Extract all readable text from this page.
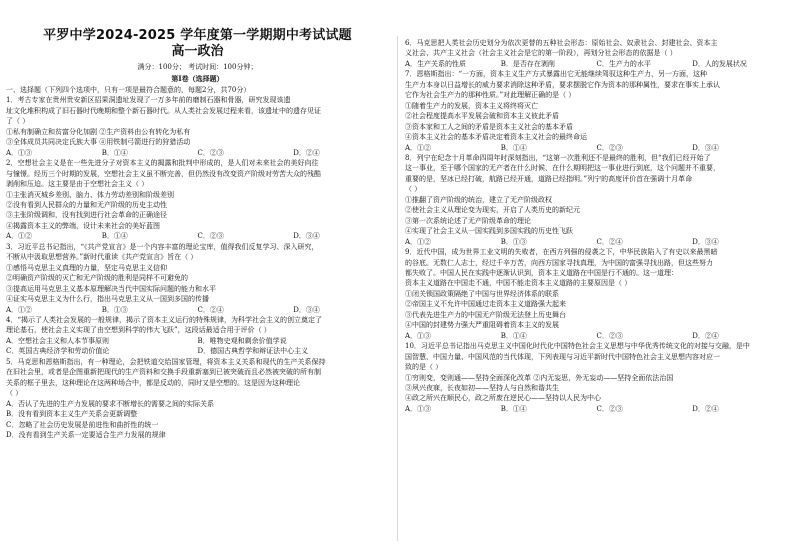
平罗中学2024-2025 学年度第一学期期中考试试题
高一政治
满分：100分； 考试时间：100分钟；
第Ⅰ卷（选择题）
一、选择题（下列四个选项中，只有一项是最符合题意的，每题2分，共70分）
1．考古专家在贵州贵安新区招果洞遗址发现了一万多年前的磨制石器和骨器，研究发现该遗
址文化堆积构成了旧石器时代晚期和整个新石器时代。从人类社会发展过程来看，该遗址中的遗存见证
了（ ）
①私有制确立和贫富分化加剧 ②生产资料由公有转化为私有
③全体成员共同决定氏族大事 ④用铁制弓箭进行的狩猎活动
A．①③	B．①④	C．②③	D．②④
2．空想社会主义是在一些先进分子对资本主义的揭露和批判中形成的，是人们对未来社会的美好向往
与憧憬。经历三个时期的发展，空想社会主义虽不断完善，但仍然没有改变资产阶级对劳苦大众的残酷
剥削和压迫。这主要是由于空想社会主义（ ）
①主张消灭城乡差别、脑力、体力劳动差别和阶级差别
②没有看到人民群众的力量和无产阶级的历史主动性
③主张阶级调和，没有找到进行社会革命的正确途径
④揭露资本主义的弊端，设计未来社会的美好蓝图
A．①②	B．①④	C．②③	D．③④
3．习近平总书记指出，“《共产党宣言》是一个内容丰富的理论宝库，值得我们反复学习、深入研究，
不断从中汲取思想营养。”新时代重读《共产党宣言》旨在（ ）
①感悟马克思主义真理的力量，坚定马克思主义信仰
②明确资产阶级的灭亡和无产阶级的胜利是同样不可避免的
③提高运用马克思主义基本原理解决当代中国实际问题的能力和水平
④证实马克思主义为什么行，指出马克思主义从一国到多国的传播
A．①②	B．①③	C．②④	D．③④
4．“揭示了人类社会发展的一般规律，揭示了资本主义运行的特殊规律，为科学社会主义的创立奠定了
理论基石，使社会主义实现了由空想到科学的伟大飞跃”，这段话最适合用于评价（ ）
A．空想社会主义和人本节事原则	B．唯物史观和剩余价值学说
C．英国古典经济学和劳动价值论	D．德国古典哲学和辩证法中心主义
5．马克思和恩格斯指出，有一种理论，会把铁道交给国家管理，将资本主义关系和现代的生产关系保持
在旧社会里，或者是企图重新把现代的生产资料和交换手段重新塞到已被突破而且必然被突破的所有制
关系的框子里去，这种理论在这两种场合中，都是反动的，同时又是空想的。这是因为这种理论
（ ）
A．否认了先进的生产力发展的要求不断增长的需要之间的实际关系
B．没有看到资本主义生产关系会更新调整
C．忽略了社会历史发展是前进性和曲折性的统一
D．没有看到生产关系一定要适合生产力发展的规律
6．马克思把人类社会历史划分为依次更替的五种社会形态：原始社会、奴隶社会、封建社会、资本主
义社会、共产主义社会（社会主义社会是它的第一阶段），再划分社会形态的依据是（ ）
A．生产关系的性质	B．是否存在剥削	C．生产力的水平	D．人的发展状况
7．恩格斯指出：“一方面，资本主义生产方式暴露出它无能继续驾驭这种生产力，另一方面，这种
生产力本身以日益增长的威力要求消除这种矛盾，要求摆脱它作为资本的那种属性，要求在事实上承认
它作为社会生产力的那种性质。”对此理解正确的是（ ）
①随着生产力的发展，资本主义将终将灭亡
②社会程度提高水平发展会破和资本主义彼此矛盾
③资本家和工人之间的矛盾是资本主义社会的基本矛盾
④资本主义社会的基本矛盾决定着资本主义社会的最终命运
A．①②	B．①④	C．②③	D．③④
8．列宁在纪念十月革命四周年时深刻指出，“这第一次胜利还不是最终的胜利，但“我们已经开始了
这一事业，至于哪个国家的无产者在什么时候、在什么期明把这一事业进行到底，这个问题并不重要，
重要的是，坚冰已经打破，航路已经开通，道路已经指明。”列宁的高度评价首在强调十月革命
（ ）
①推翻了资产阶级的统治，建立了无产阶级政权
②使社会主义从理论变为现实，开启了人类历史的新纪元
③第一次系统论述了无产阶级革命的理论
④实现了社会主义从一国实践到多国实践的历史性飞跃
A．①②	B．①③	C．②④	D．③④
9．近代中国，成为世界工业文明的失败者，在西方列强的侵袭之下，中华民族陷入了有史以来最黑暗
的谷底。无数仁人志士，经过千辛万苦，向西方国家寻找真理，为中国的富强寻找出路，但这些努力
都失败了。中国人民在实践中逐渐认识到，资本主义道路在中国是行不通的。这一道理：
资本主义道路在中国走不通，中国不能走资本主义道路的主要原因是（ ）
①闭关锁国政策隔绝了中国与世界经济体系的联系
②帝国主义不允许中国通过走资本主义道路强大起来
③代表先进生产力的中国无产阶级无法登上历史舞台
④中国的封建势力强大严重阻碍着资本主义的发展
A．①③	B．①④	C．②③	D．②④
10．习近平总书记指出马克思主义中国化时代化中国特色社会主义思想与中华优秀传统文化的对接与交融，是中
国智慧、中国力量、中国风范的当代体现，下列表现与习近平新时代中国特色社会主义思想内容对应一
致的是（ ）
①穷则变，变则通——坚持全面深化改革 ②内无妄思，外无妄动——坚持全面依法治国
③夙兴夜寐，长夜如初——坚持人与自然和谐共生
④政之所兴在顺民心，政之所废在逆民心——坚持以人民为中心
A．①③	B．①④	C．②③	D．②④
